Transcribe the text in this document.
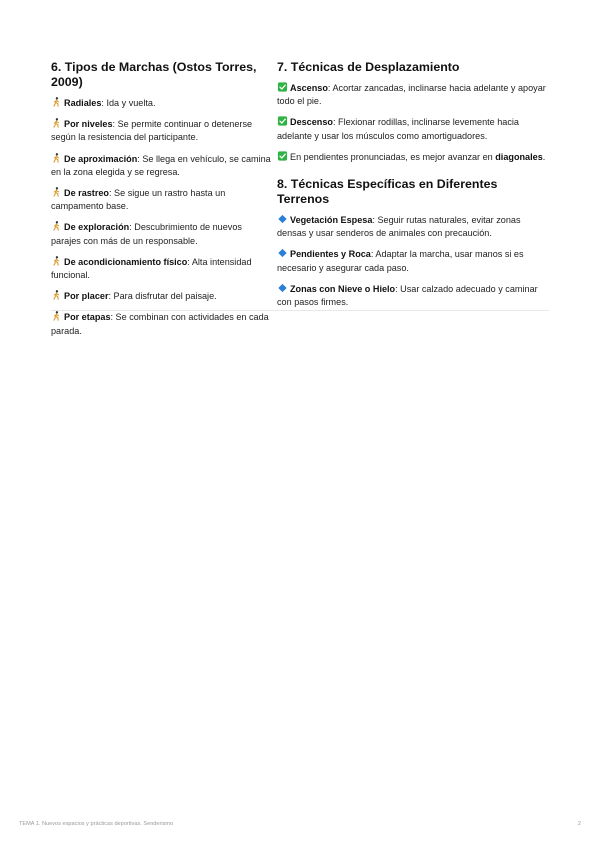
6. Tipos de Marchas (Ostos Torres, 2009)

Radiales: Ida y vuelta.

Por niveles: Se permite continuar o detenerse según la resistencia del participante.

De aproximación: Se llega en vehículo, se camina en la zona elegida y se regresa.

De rastreo: Se sigue un rastro hasta un campamento base.

De exploración: Descubrimiento de nuevos parajes con más de un responsable.

De acondicionamiento físico: Alta intensidad funcional.

Por placer: Para disfrutar del paisaje.

Por etapas: Se combinan con actividades en cada parada.

7. Técnicas de Desplazamiento

Ascenso: Acortar zancadas, inclinarse hacia adelante y apoyar todo el pie.

Descenso: Flexionar rodillas, inclinarse levemente hacia adelante y usar los músculos como amortiguadores.

En pendientes pronunciadas, es mejor avanzar en diagonales.

8. Técnicas Específicas en Diferentes Terrenos

Vegetación Espesa: Seguir rutas naturales, evitar zonas densas y usar senderos de animales con precaución.

Pendientes y Roca: Adaptar la marcha, usar manos si es necesario y asegurar cada paso.

Zonas con Nieve o Hielo: Usar calzado adecuado y caminar con pasos firmes.

TEMA 1. Nuevos espacios y prácticas deportivas. Senderismo	2
